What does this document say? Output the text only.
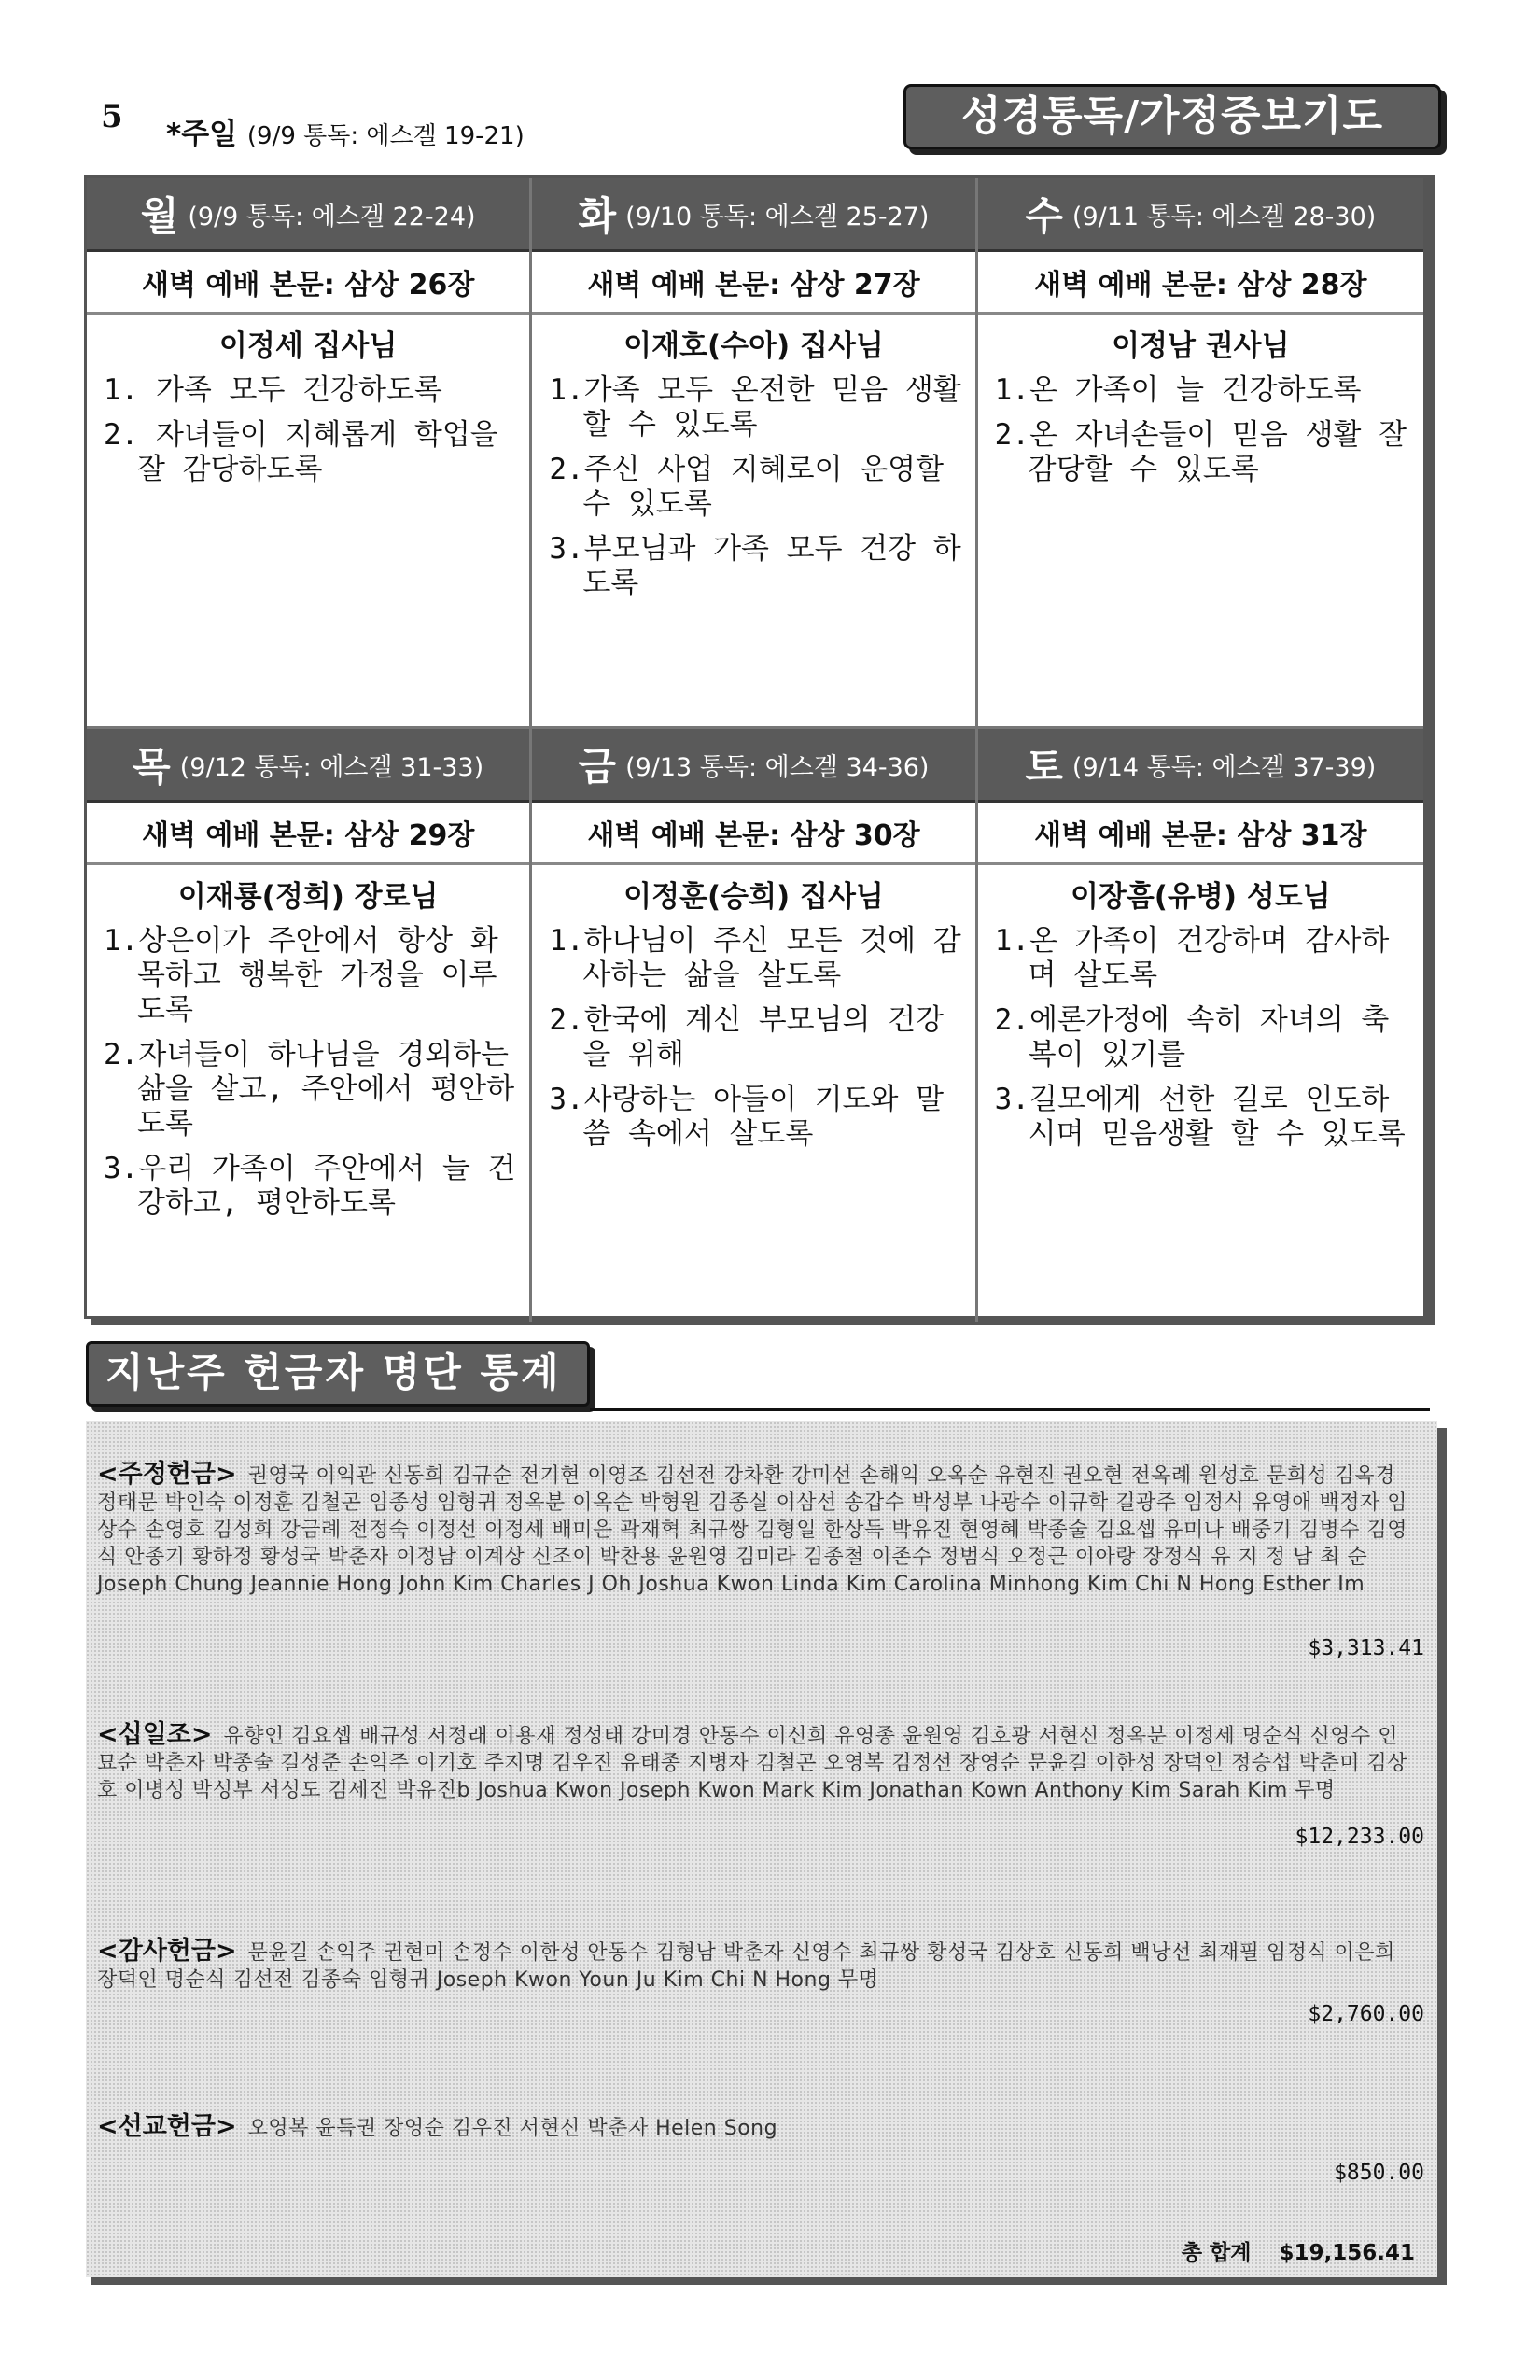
5 *주일 (9/9 통독: 에스겔 19-21)	성경통독/가정중보기도
월 (9/9 통독: 에스겔 22-24)
새벽 예배 본문: 삼상 26장
이정세 집사님
1. 가족 모두 건강하도록
2. 자녀들이 지혜롭게 학업을 잘 감당하도록
화 (9/10 통독: 에스겔 25-27)
새벽 예배 본문: 삼상 27장
이재호(수아) 집사님
1.가족 모두 온전한 믿음 생활 할 수 있도록
2.주신 사업 지혜로이 운영할 수 있도록
3.부모님과 가족 모두 건강 하도록
수 (9/11 통독: 에스겔 28-30)
새벽 예배 본문: 삼상 28장
이정남 권사님
1.온 가족이 늘 건강하도록
2.온 자녀손들이 믿음 생활 잘 감당할 수 있도록
목 (9/12 통독: 에스겔 31-33)
새벽 예배 본문: 삼상 29장
이재룡(정희) 장로님
1.상은이가 주안에서 항상 화목하고 행복한 가정을 이루도록
2.자녀들이 하나님을 경외하는 삶을 살고, 주안에서 평안하도록
3.우리 가족이 주안에서 늘 건강하고, 평안하도록
금 (9/13 통독: 에스겔 34-36)
새벽 예배 본문: 삼상 30장
이정훈(승희) 집사님
1.하나님이 주신 모든 것에 감사하는 삶을 살도록
2.한국에 계신 부모님의 건강을 위해
3.사랑하는 아들이 기도와 말씀 속에서 살도록
토 (9/14 통독: 에스겔 37-39)
새벽 예배 본문: 삼상 31장
이장흠(유병) 성도님
1.온 가족이 건강하며 감사하며 살도록
2.에론가정에 속히 자녀의 축복이 있기를
3.길모에게 선한 길로 인도하시며 믿음생활 할 수 있도록
지난주 헌금자 명단 통계
<주정헌금> 권영국 이익관 신동희 김규순 전기현 이영조 김선전 강차환 강미선 손해익 오옥순 유현진 권오현 전옥례 원성호 문희성 김옥경 정태문 박인숙 이정훈 김철곤 임종성 임형귀 정옥분 이옥순 박형원 김종실 이삼선 송갑수 박성부 나광수 이규학 길광주 임정식 유영애 백정자 임상수 손영호 김성희 강금례 전정숙 이정선 이정세 배미은 곽재혁 최규쌍 김형일 한상득 박유진 현영혜 박종술 김요셉 유미나 배중기 김병수 김영식 안종기 황하정 황성국 박춘자 이정남 이계상 신조이 박찬용 윤원영 김미라 김종철 이존수 정범식 오정근 이아랑 장정식 유 지 정 남 최 순 Joseph Chung Jeannie Hong John Kim Charles J Oh Joshua Kwon Linda Kim Carolina Minhong Kim Chi N Hong Esther Im
$3,313.41
<십일조> 유향인 김요셉 배규성 서정래 이용재 정성태 강미경 안동수 이신희 유영종 윤원영 김호광 서현신 정옥분 이정세 명순식 신영수 인묘순 박춘자 박종술 길성준 손익주 이기호 주지명 김우진 유태종 지병자 김철곤 오영복 김정선 장영순 문윤길 이한성 장덕인 정승섭 박춘미 김상호 이병성 박성부 서성도 김세진 박유진b Joshua Kwon Joseph Kwon Mark Kim Jonathan Kown Anthony Kim Sarah Kim 무명
$12,233.00
<감사헌금> 문윤길 손익주 권현미 손정수 이한성 안동수 김형남 박춘자 신영수 최규쌍 황성국 김상호 신동희 백낭선 최재필 임정식 이은희 장덕인 명순식 김선전 김종숙 임형귀 Joseph Kwon Youn Ju Kim Chi N Hong 무명
$2,760.00
<선교헌금> 오영복 윤득권 장영순 김우진 서현신 박춘자 Helen Song
$850.00
총 합계 $19,156.41
